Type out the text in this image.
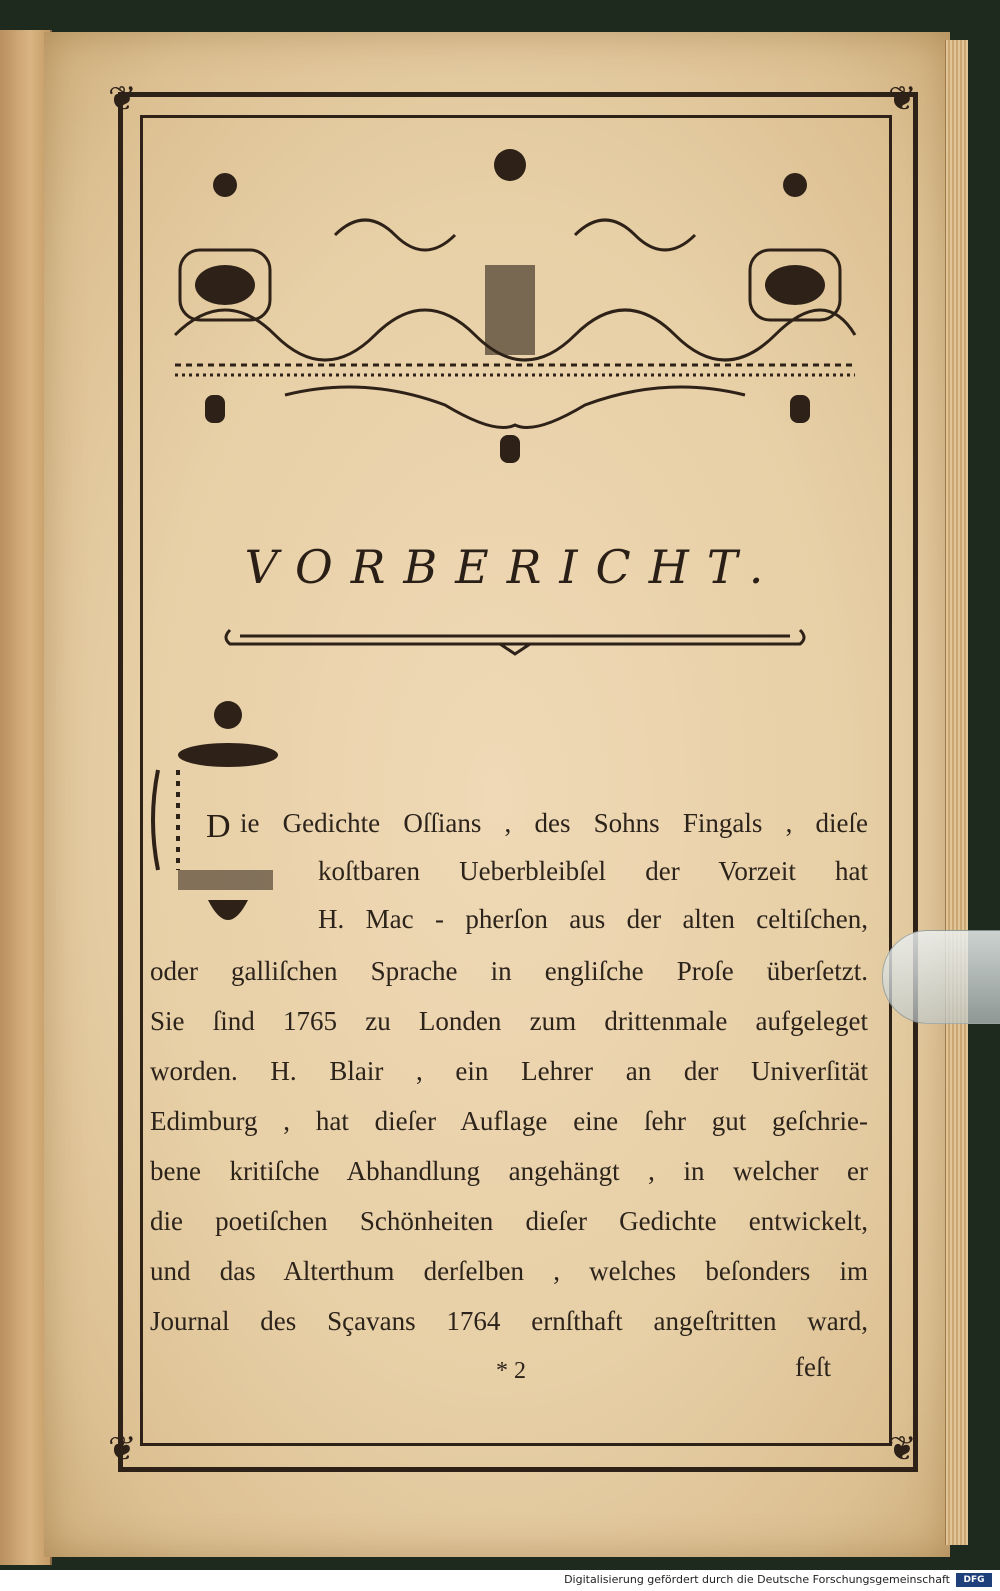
❦	❦
❦	❦
VORBERICHT.
D ie Gedichte Oſſians , des Sohns Fingals , dieſe
koſtbaren Ueberbleibſel der Vorzeit hat
H. Mac - pherſon aus der alten celtiſchen,
oder galliſchen Sprache in engliſche Proſe überſetzt.
Sie ſind 1765 zu Londen zum drittenmale aufgeleget
worden. H. Blair , ein Lehrer an der Univerſität
Edimburg , hat dieſer Auflage eine ſehr gut geſchrie-
bene kritiſche Abhandlung angehängt , in welcher er
die poetiſchen Schönheiten dieſer Gedichte entwickelt,
und das Alterthum derſelben , welches beſonders im
Journal des Sçavans 1764 ernſthaft angeſtritten ward,
* 2	feſt
Digitalisierung gefördert durch die Deutsche Forschungsgemeinschaft	DFG
